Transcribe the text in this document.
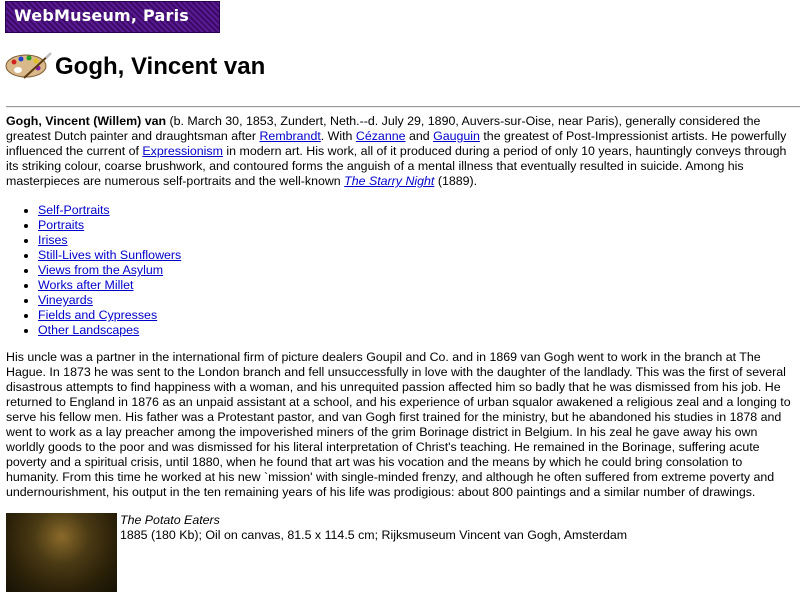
WebMuseum, Paris
Gogh, Vincent van

Gogh, Vincent (Willem) van (b. March 30, 1853, Zundert, Neth.--d. July 29, 1890, Auvers-sur-Oise, near Paris), generally considered the greatest Dutch painter and draughtsman after Rembrandt. With Cézanne and Gauguin the greatest of Post-Impressionist artists. He powerfully influenced the current of Expressionism in modern art. His work, all of it produced during a period of only 10 years, hauntingly conveys through its striking colour, coarse brushwork, and contoured forms the anguish of a mental illness that eventually resulted in suicide. Among his masterpieces are numerous self-portraits and the well-known The Starry Night (1889).

• Self-Portraits
• Portraits
• Irises
• Still-Lives with Sunflowers
• Views from the Asylum
• Works after Millet
• Vineyards
• Fields and Cypresses
• Other Landscapes

His uncle was a partner in the international firm of picture dealers Goupil and Co. and in 1869 van Gogh went to work in the branch at The Hague. In 1873 he was sent to the London branch and fell unsuccessfully in love with the daughter of the landlady. This was the first of several disastrous attempts to find happiness with a woman, and his unrequited passion affected him so badly that he was dismissed from his job. He returned to England in 1876 as an unpaid assistant at a school, and his experience of urban squalor awakened a religious zeal and a longing to serve his fellow men. His father was a Protestant pastor, and van Gogh first trained for the ministry, but he abandoned his studies in 1878 and went to work as a lay preacher among the impoverished miners of the grim Borinage district in Belgium. In his zeal he gave away his own worldly goods to the poor and was dismissed for his literal interpretation of Christ's teaching. He remained in the Borinage, suffering acute poverty and a spiritual crisis, until 1880, when he found that art was his vocation and the means by which he could bring consolation to humanity. From this time he worked at his new `mission' with single-minded frenzy, and although he often suffered from extreme poverty and undernourishment, his output in the ten remaining years of his life was prodigious: about 800 paintings and a similar number of drawings.

The Potato Eaters
1885 (180 Kb); Oil on canvas, 81.5 x 114.5 cm; Rijksmuseum Vincent van Gogh, Amsterdam
